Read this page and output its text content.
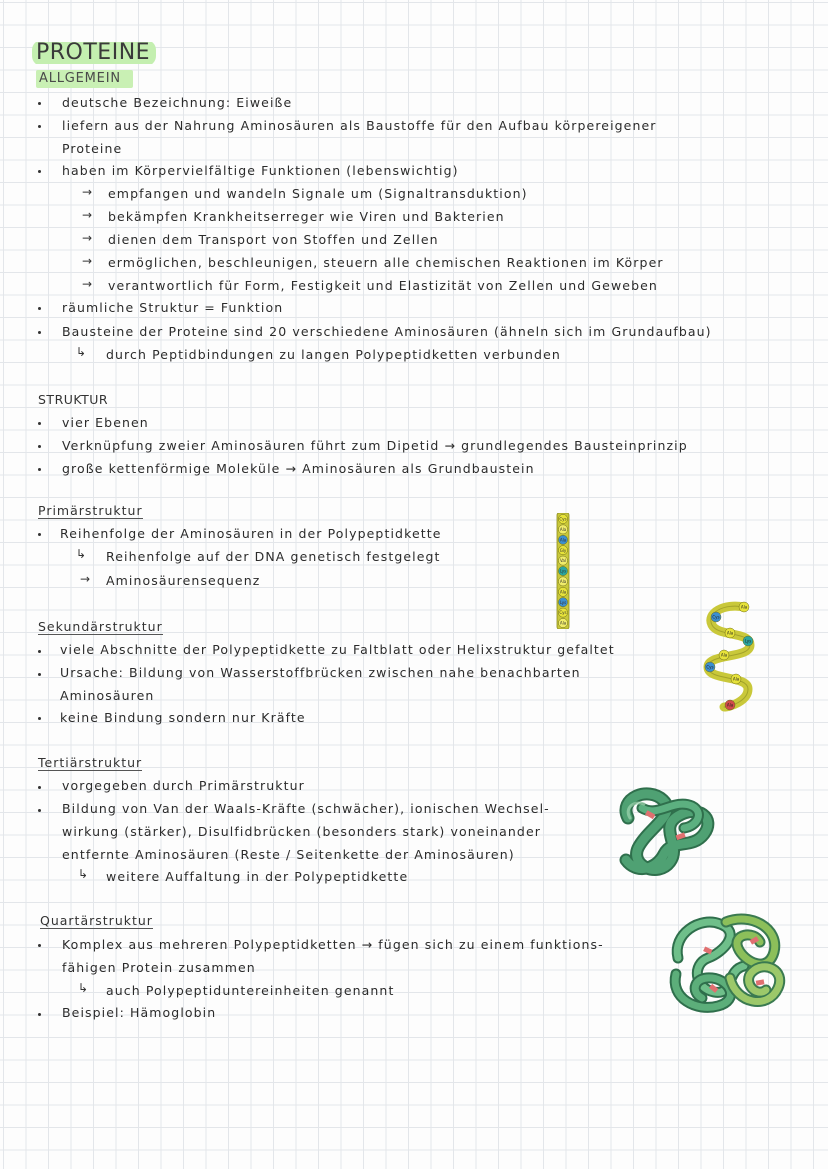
PROTEINE
ALLGEMEIN
deutsche Bezeichnung: Eiweiße
liefern aus der Nahrung Aminosäuren als Baustoffe für den Aufbau körpereigener
Proteine
haben im Körpervielfältige Funktionen (lebenswichtig)
→ empfangen und wandeln Signale um (Signaltransduktion)
→ bekämpfen Krankheitserreger wie Viren und Bakterien
→ dienen dem Transport von Stoffen und Zellen
→ ermöglichen, beschleunigen, steuern alle chemischen Reaktionen im Körper
→ verantwortlich für Form, Festigkeit und Elastizität von Zellen und Geweben
räumliche Struktur = Funktion
Bausteine der Proteine sind 20 verschiedene Aminosäuren (ähneln sich im Grundaufbau)
↳ durch Peptidbindungen zu langen Polypeptidketten verbunden
STRUKTUR
vier Ebenen
Verknüpfung zweier Aminosäuren führt zum Dipetid → grundlegendes Bausteinprinzip
große kettenförmige Moleküle → Aminosäuren als Grundbaustein
Primärstruktur
Reihenfolge der Aminosäuren in der Polypeptidkette
↳ Reihenfolge auf der DNA genetisch festgelegt
→ Aminosäurensequenz
Cys
Ala
Ala
Gly
Val
Lys
Ala
Ala
Lys
Cys
Ala
Sekundärstruktur
viele Abschnitte der Polypeptidkette zu Faltblatt oder Helixstruktur gefaltet
Ursache: Bildung von Wasserstoffbrücken zwischen nahe benachbarten
Aminosäuren
keine Bindung sondern nur Kräfte
Ala
Cys
Ala
Lys
Ala
Cys
Ala
Ala
Tertiärstruktur
vorgegeben durch Primärstruktur
Bildung von Van der Waals-Kräfte (schwächer), ionischen Wechsel-
wirkung (stärker), Disulfidbrücken (besonders stark) voneinander
entfernte Aminosäuren (Reste / Seitenkette der Aminosäuren)
↳ weitere Auffaltung in der Polypeptidkette
Quartärstruktur
Komplex aus mehreren Polypeptidketten → fügen sich zu einem funktions-
fähigen Protein zusammen
↳ auch Polypeptiduntereinheiten genannt
Beispiel: Hämoglobin
